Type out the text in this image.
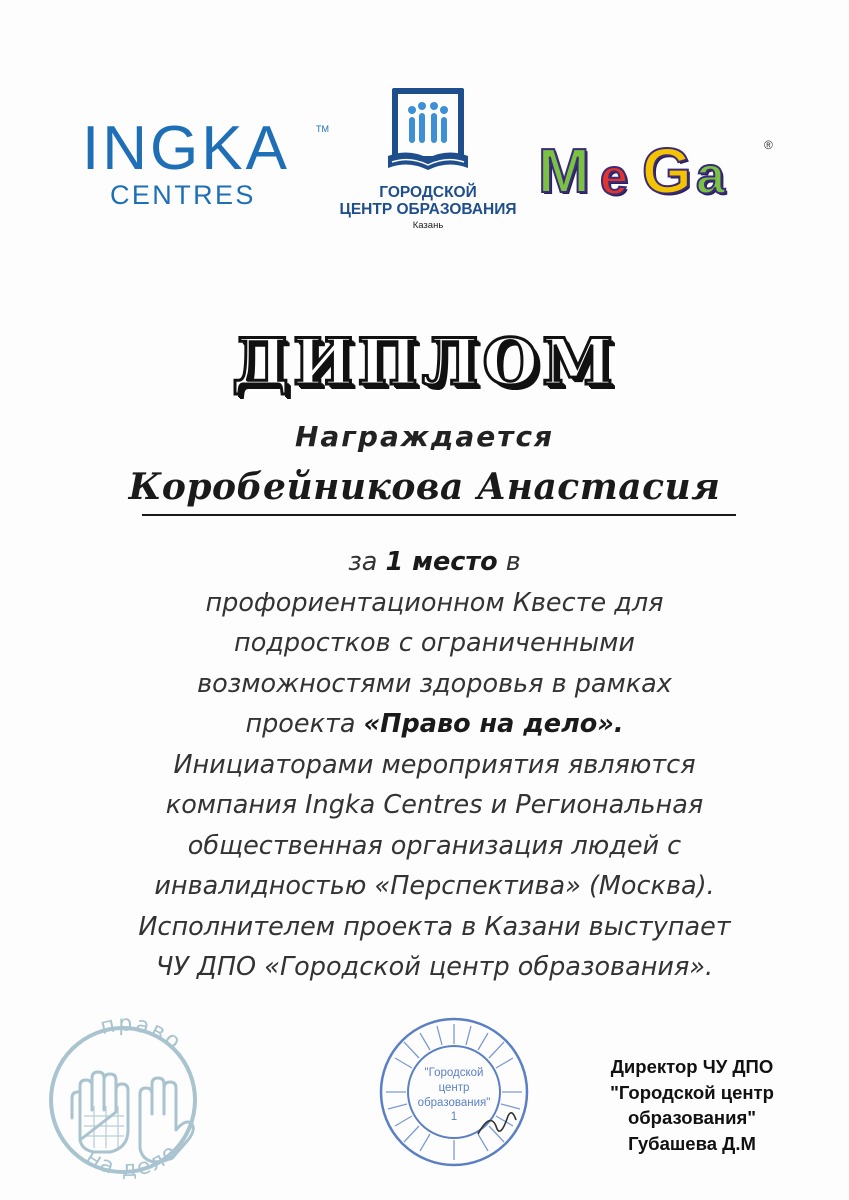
INGKA	TM
CENTRES	ГОРОДСКОЙ
ЦЕНТР ОБРАЗОВАНИЯ
Казань
M e G a
®
ДИПЛОМ
Награждается
Коробейникова Анастасия
за 1 место в
профориентационном Квесте для
подростков с ограниченными
возможностями здоровья в рамках
проекта «Право на дело».
Инициаторами мероприятия являются
компания Ingka Centres и Региональная
общественная организация людей с
инвалидностью «Перспектива» (Москва).
Исполнителем проекта в Казани выступает
ЧУ ДПО «Городской центр образования».
право
на дело
"Городской
центр
образования"
1
Директор ЧУ ДПО
"Городской центр
образования"
Губашева Д.М
